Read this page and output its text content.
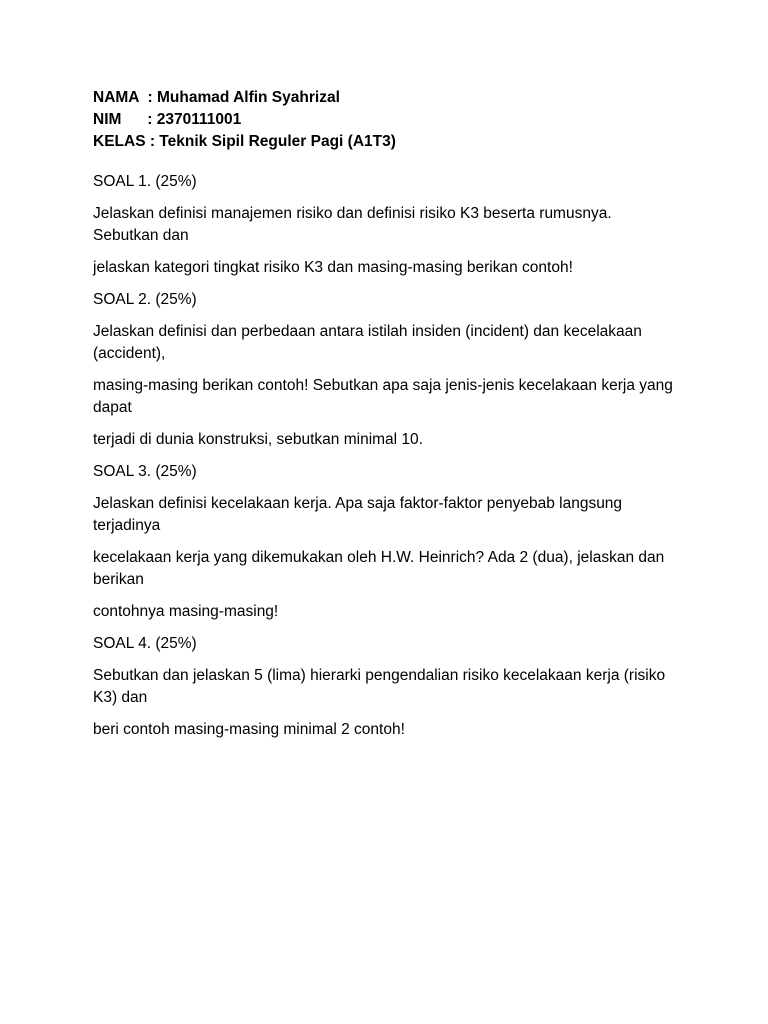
NAMA  : Muhamad Alfin Syahrizal
NIM      : 2370111001
KELAS : Teknik Sipil Reguler Pagi (A1T3)
SOAL 1. (25%)
Jelaskan definisi manajemen risiko dan definisi risiko K3 beserta rumusnya. Sebutkan dan
jelaskan kategori tingkat risiko K3 dan masing-masing berikan contoh!
SOAL 2. (25%)
Jelaskan definisi dan perbedaan antara istilah insiden (incident) dan kecelakaan (accident),
masing-masing berikan contoh! Sebutkan apa saja jenis-jenis kecelakaan kerja yang dapat
terjadi di dunia konstruksi, sebutkan minimal 10.
SOAL 3. (25%)
Jelaskan definisi kecelakaan kerja. Apa saja faktor-faktor penyebab langsung terjadinya
kecelakaan kerja yang dikemukakan oleh H.W. Heinrich? Ada 2 (dua), jelaskan dan berikan
contohnya masing-masing!
SOAL 4. (25%)
Sebutkan dan jelaskan 5 (lima) hierarki pengendalian risiko kecelakaan kerja (risiko K3) dan
beri contoh masing-masing minimal 2 contoh!
